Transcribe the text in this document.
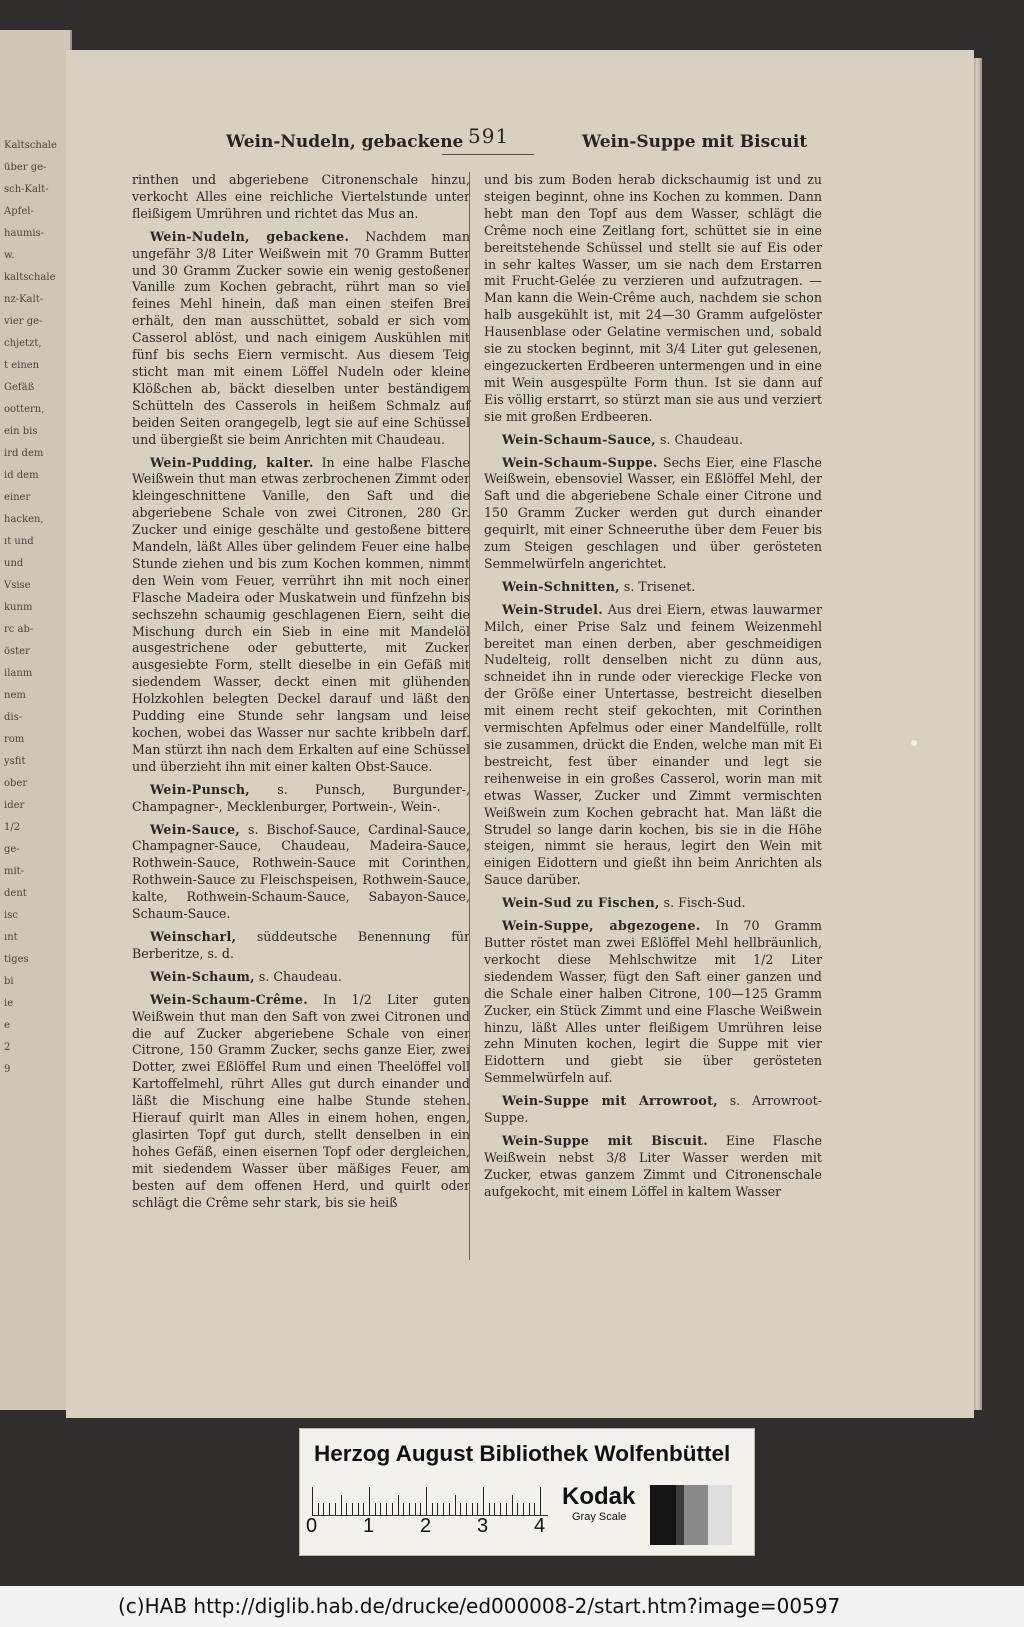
Kaltschale
über ge-
sch-Kalt-
Apfel-
haumis-
w.
kaltschale
nz-Kalt-
vier ge-
chjetzt,
t einen
Gefäß
oottern,
ein bis
ird dem
id dem
einer
hacken,
ıt und
und
Vsise
kunm
rc ab-
öster
ilanm
nem
dis-
rom
ysfit
ober
ider
1/2
ge-
mit-
dent
isc
ınt
tiges
bi
ie
e
2
9
Wein-Nudeln, gebackene 591	Wein-Suppe mit Biscuit

rinthen und abgeriebene Citronenschale hinzu, verkocht Alles eine reichliche Viertelstunde unter fleißigem Umrühren und richtet das Mus an.

Wein-Nudeln, gebackene. Nachdem man ungefähr 3/8 Liter Weißwein mit 70 Gramm Butter und 30 Gramm Zucker sowie ein wenig gestoßener Vanille zum Kochen gebracht, rührt man so viel feines Mehl hinein, daß man einen steifen Brei erhält, den man ausschüttet, sobald er sich vom Casserol ablöst, und nach einigem Auskühlen mit fünf bis sechs Eiern vermischt. Aus diesem Teig sticht man mit einem Löffel Nudeln oder kleine Klößchen ab, bäckt dieselben unter beständigem Schütteln des Casserols in heißem Schmalz auf beiden Seiten orangegelb, legt sie auf eine Schüssel und übergießt sie beim Anrichten mit Chaudeau.

Wein-Pudding, kalter. In eine halbe Flasche Weißwein thut man etwas zerbrochenen Zimmt oder kleingeschnittene Vanille, den Saft und die abgeriebene Schale von zwei Citronen, 280 Gr. Zucker und einige geschälte und gestoßene bittere Mandeln, läßt Alles über gelindem Feuer eine halbe Stunde ziehen und bis zum Kochen kommen, nimmt den Wein vom Feuer, verrührt ihn mit noch einer Flasche Madeira oder Muskatwein und fünfzehn bis sechszehn schaumig geschlagenen Eiern, seiht die Mischung durch ein Sieb in eine mit Mandelöl ausgestrichene oder gebutterte, mit Zucker ausgesiebte Form, stellt dieselbe in ein Gefäß mit siedendem Wasser, deckt einen mit glühenden Holzkohlen belegten Deckel darauf und läßt den Pudding eine Stunde sehr langsam und leise kochen, wobei das Wasser nur sachte kribbeln darf. Man stürzt ihn nach dem Erkalten auf eine Schüssel und überzieht ihn mit einer kalten Obst-Sauce.

Wein-Punsch, s. Punsch, Burgunder-, Champagner-, Mecklenburger, Portwein-, Wein-.

Wein-Sauce, s. Bischof-Sauce, Cardinal-Sauce, Champagner-Sauce, Chaudeau, Madeira-Sauce, Rothwein-Sauce, Rothwein-Sauce mit Corinthen, Rothwein-Sauce zu Fleischspeisen, Rothwein-Sauce, kalte, Rothwein-Schaum-Sauce, Sabayon-Sauce, Schaum-Sauce.

Weinscharl, süddeutsche Benennung für Berberitze, s. d.

Wein-Schaum, s. Chaudeau.

Wein-Schaum-Crême. In 1/2 Liter guten Weißwein thut man den Saft von zwei Citronen und die auf Zucker abgeriebene Schale von einer Citrone, 150 Gramm Zucker, sechs ganze Eier, zwei Dotter, zwei Eßlöffel Rum und einen Theelöffel voll Kartoffelmehl, rührt Alles gut durch einander und läßt die Mischung eine halbe Stunde stehen. Hierauf quirlt man Alles in einem hohen, engen, glasirten Topf gut durch, stellt denselben in ein hohes Gefäß, einen eisernen Topf oder dergleichen, mit siedendem Wasser über mäßiges Feuer, am besten auf dem offenen Herd, und quirlt oder schlägt die Crême sehr stark, bis sie heiß

und bis zum Boden herab dickschaumig ist und zu steigen beginnt, ohne ins Kochen zu kommen. Dann hebt man den Topf aus dem Wasser, schlägt die Crême noch eine Zeitlang fort, schüttet sie in eine bereitstehende Schüssel und stellt sie auf Eis oder in sehr kaltes Wasser, um sie nach dem Erstarren mit Frucht-Gelée zu verzieren und aufzutragen. — Man kann die Wein-Crême auch, nachdem sie schon halb ausgekühlt ist, mit 24—30 Gramm aufgelöster Hausenblase oder Gelatine vermischen und, sobald sie zu stocken beginnt, mit 3/4 Liter gut gelesenen, eingezuckerten Erdbeeren untermengen und in eine mit Wein ausgespülte Form thun. Ist sie dann auf Eis völlig erstarrt, so stürzt man sie aus und verziert sie mit großen Erdbeeren.

Wein-Schaum-Sauce, s. Chaudeau.

Wein-Schaum-Suppe. Sechs Eier, eine Flasche Weißwein, ebensoviel Wasser, ein Eßlöffel Mehl, der Saft und die abgeriebene Schale einer Citrone und 150 Gramm Zucker werden gut durch einander gequirlt, mit einer Schneeruthe über dem Feuer bis zum Steigen geschlagen und über gerösteten Semmelwürfeln angerichtet.

Wein-Schnitten, s. Trisenet.

Wein-Strudel. Aus drei Eiern, etwas lauwarmer Milch, einer Prise Salz und feinem Weizenmehl bereitet man einen derben, aber geschmeidigen Nudelteig, rollt denselben nicht zu dünn aus, schneidet ihn in runde oder viereckige Flecke von der Größe einer Untertasse, bestreicht dieselben mit einem recht steif gekochten, mit Corinthen vermischten Apfelmus oder einer Mandelfülle, rollt sie zusammen, drückt die Enden, welche man mit Ei bestreicht, fest über einander und legt sie reihenweise in ein großes Casserol, worin man mit etwas Wasser, Zucker und Zimmt vermischten Weißwein zum Kochen gebracht hat. Man läßt die Strudel so lange darin kochen, bis sie in die Höhe steigen, nimmt sie heraus, legirt den Wein mit einigen Eidottern und gießt ihn beim Anrichten als Sauce darüber.

Wein-Sud zu Fischen, s. Fisch-Sud.

Wein-Suppe, abgezogene. In 70 Gramm Butter röstet man zwei Eßlöffel Mehl hellbräunlich, verkocht diese Mehlschwitze mit 1/2 Liter siedendem Wasser, fügt den Saft einer ganzen und die Schale einer halben Citrone, 100—125 Gramm Zucker, ein Stück Zimmt und eine Flasche Weißwein hinzu, läßt Alles unter fleißigem Umrühren leise zehn Minuten kochen, legirt die Suppe mit vier Eidottern und giebt sie über gerösteten Semmelwürfeln auf.

Wein-Suppe mit Arrowroot, s. Arrowroot-Suppe.

Wein-Suppe mit Biscuit. Eine Flasche Weißwein nebst 3/8 Liter Wasser werden mit Zucker, etwas ganzem Zimmt und Citronenschale aufgekocht, mit einem Löffel in kaltem Wasser

Herzog August Bibliothek Wolfenbüttel
0 1 2 3 4
Kodak
Gray Scale
(c)HAB http://diglib.hab.de/drucke/ed000008-2/start.htm?image=00597
